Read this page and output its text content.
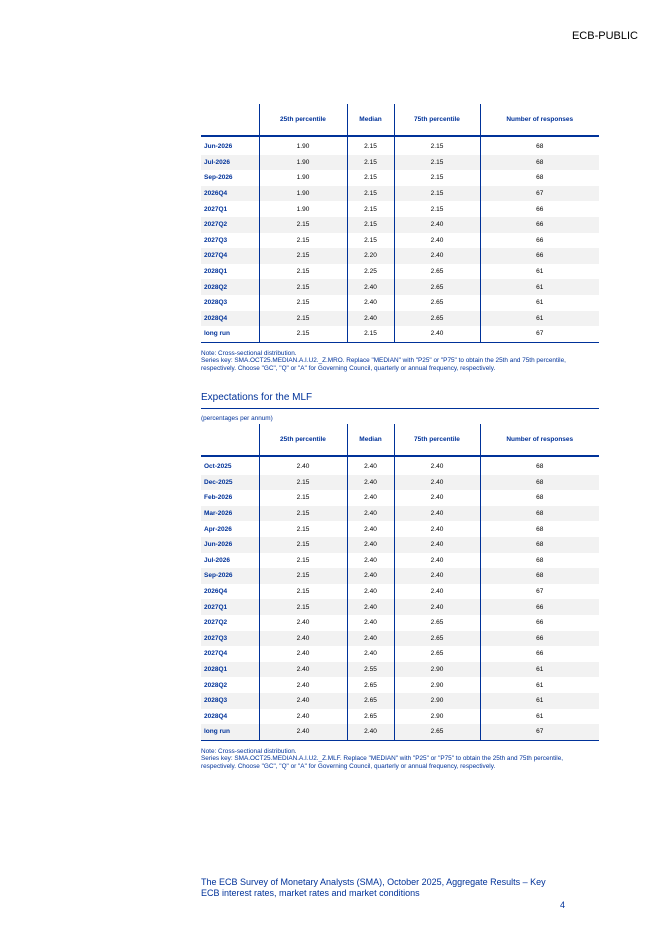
ECB-PUBLIC
	25th percentile	Median	75th percentile	Number of responses
Jun-2026	1.90	2.15	2.15	68
Jul-2026	1.90	2.15	2.15	68
Sep-2026	1.90	2.15	2.15	68
2026Q4	1.90	2.15	2.15	67
2027Q1	1.90	2.15	2.15	66
2027Q2	2.15	2.15	2.40	66
2027Q3	2.15	2.15	2.40	66
2027Q4	2.15	2.20	2.40	66
2028Q1	2.15	2.25	2.65	61
2028Q2	2.15	2.40	2.65	61
2028Q3	2.15	2.40	2.65	61
2028Q4	2.15	2.40	2.65	61
long run	2.15	2.15	2.40	67
Note: Cross-sectional distribution.
Series key: SMA.OCT25.MEDIAN.A.I.U2._Z.MRO. Replace "MEDIAN" with "P25" or "P75" to obtain the 25th and 75th percentile,
respectively. Choose "GC", "Q" or "A" for Governing Council, quarterly or annual frequency, respectively.
Expectations for the MLF
(percentages per annum)
	25th percentile	Median	75th percentile	Number of responses
Oct-2025	2.40	2.40	2.40	68
Dec-2025	2.15	2.40	2.40	68
Feb-2026	2.15	2.40	2.40	68
Mar-2026	2.15	2.40	2.40	68
Apr-2026	2.15	2.40	2.40	68
Jun-2026	2.15	2.40	2.40	68
Jul-2026	2.15	2.40	2.40	68
Sep-2026	2.15	2.40	2.40	68
2026Q4	2.15	2.40	2.40	67
2027Q1	2.15	2.40	2.40	66
2027Q2	2.40	2.40	2.65	66
2027Q3	2.40	2.40	2.65	66
2027Q4	2.40	2.40	2.65	66
2028Q1	2.40	2.55	2.90	61
2028Q2	2.40	2.65	2.90	61
2028Q3	2.40	2.65	2.90	61
2028Q4	2.40	2.65	2.90	61
long run	2.40	2.40	2.65	67
Note: Cross-sectional distribution.
Series key: SMA.OCT25.MEDIAN.A.I.U2._Z.MLF. Replace "MEDIAN" with "P25" or "P75" to obtain the 25th and 75th percentile,
respectively. Choose "GC", "Q" or "A" for Governing Council, quarterly or annual frequency, respectively.
The ECB Survey of Monetary Analysts (SMA), October 2025, Aggregate Results – Key
ECB interest rates, market rates and market conditions
4
